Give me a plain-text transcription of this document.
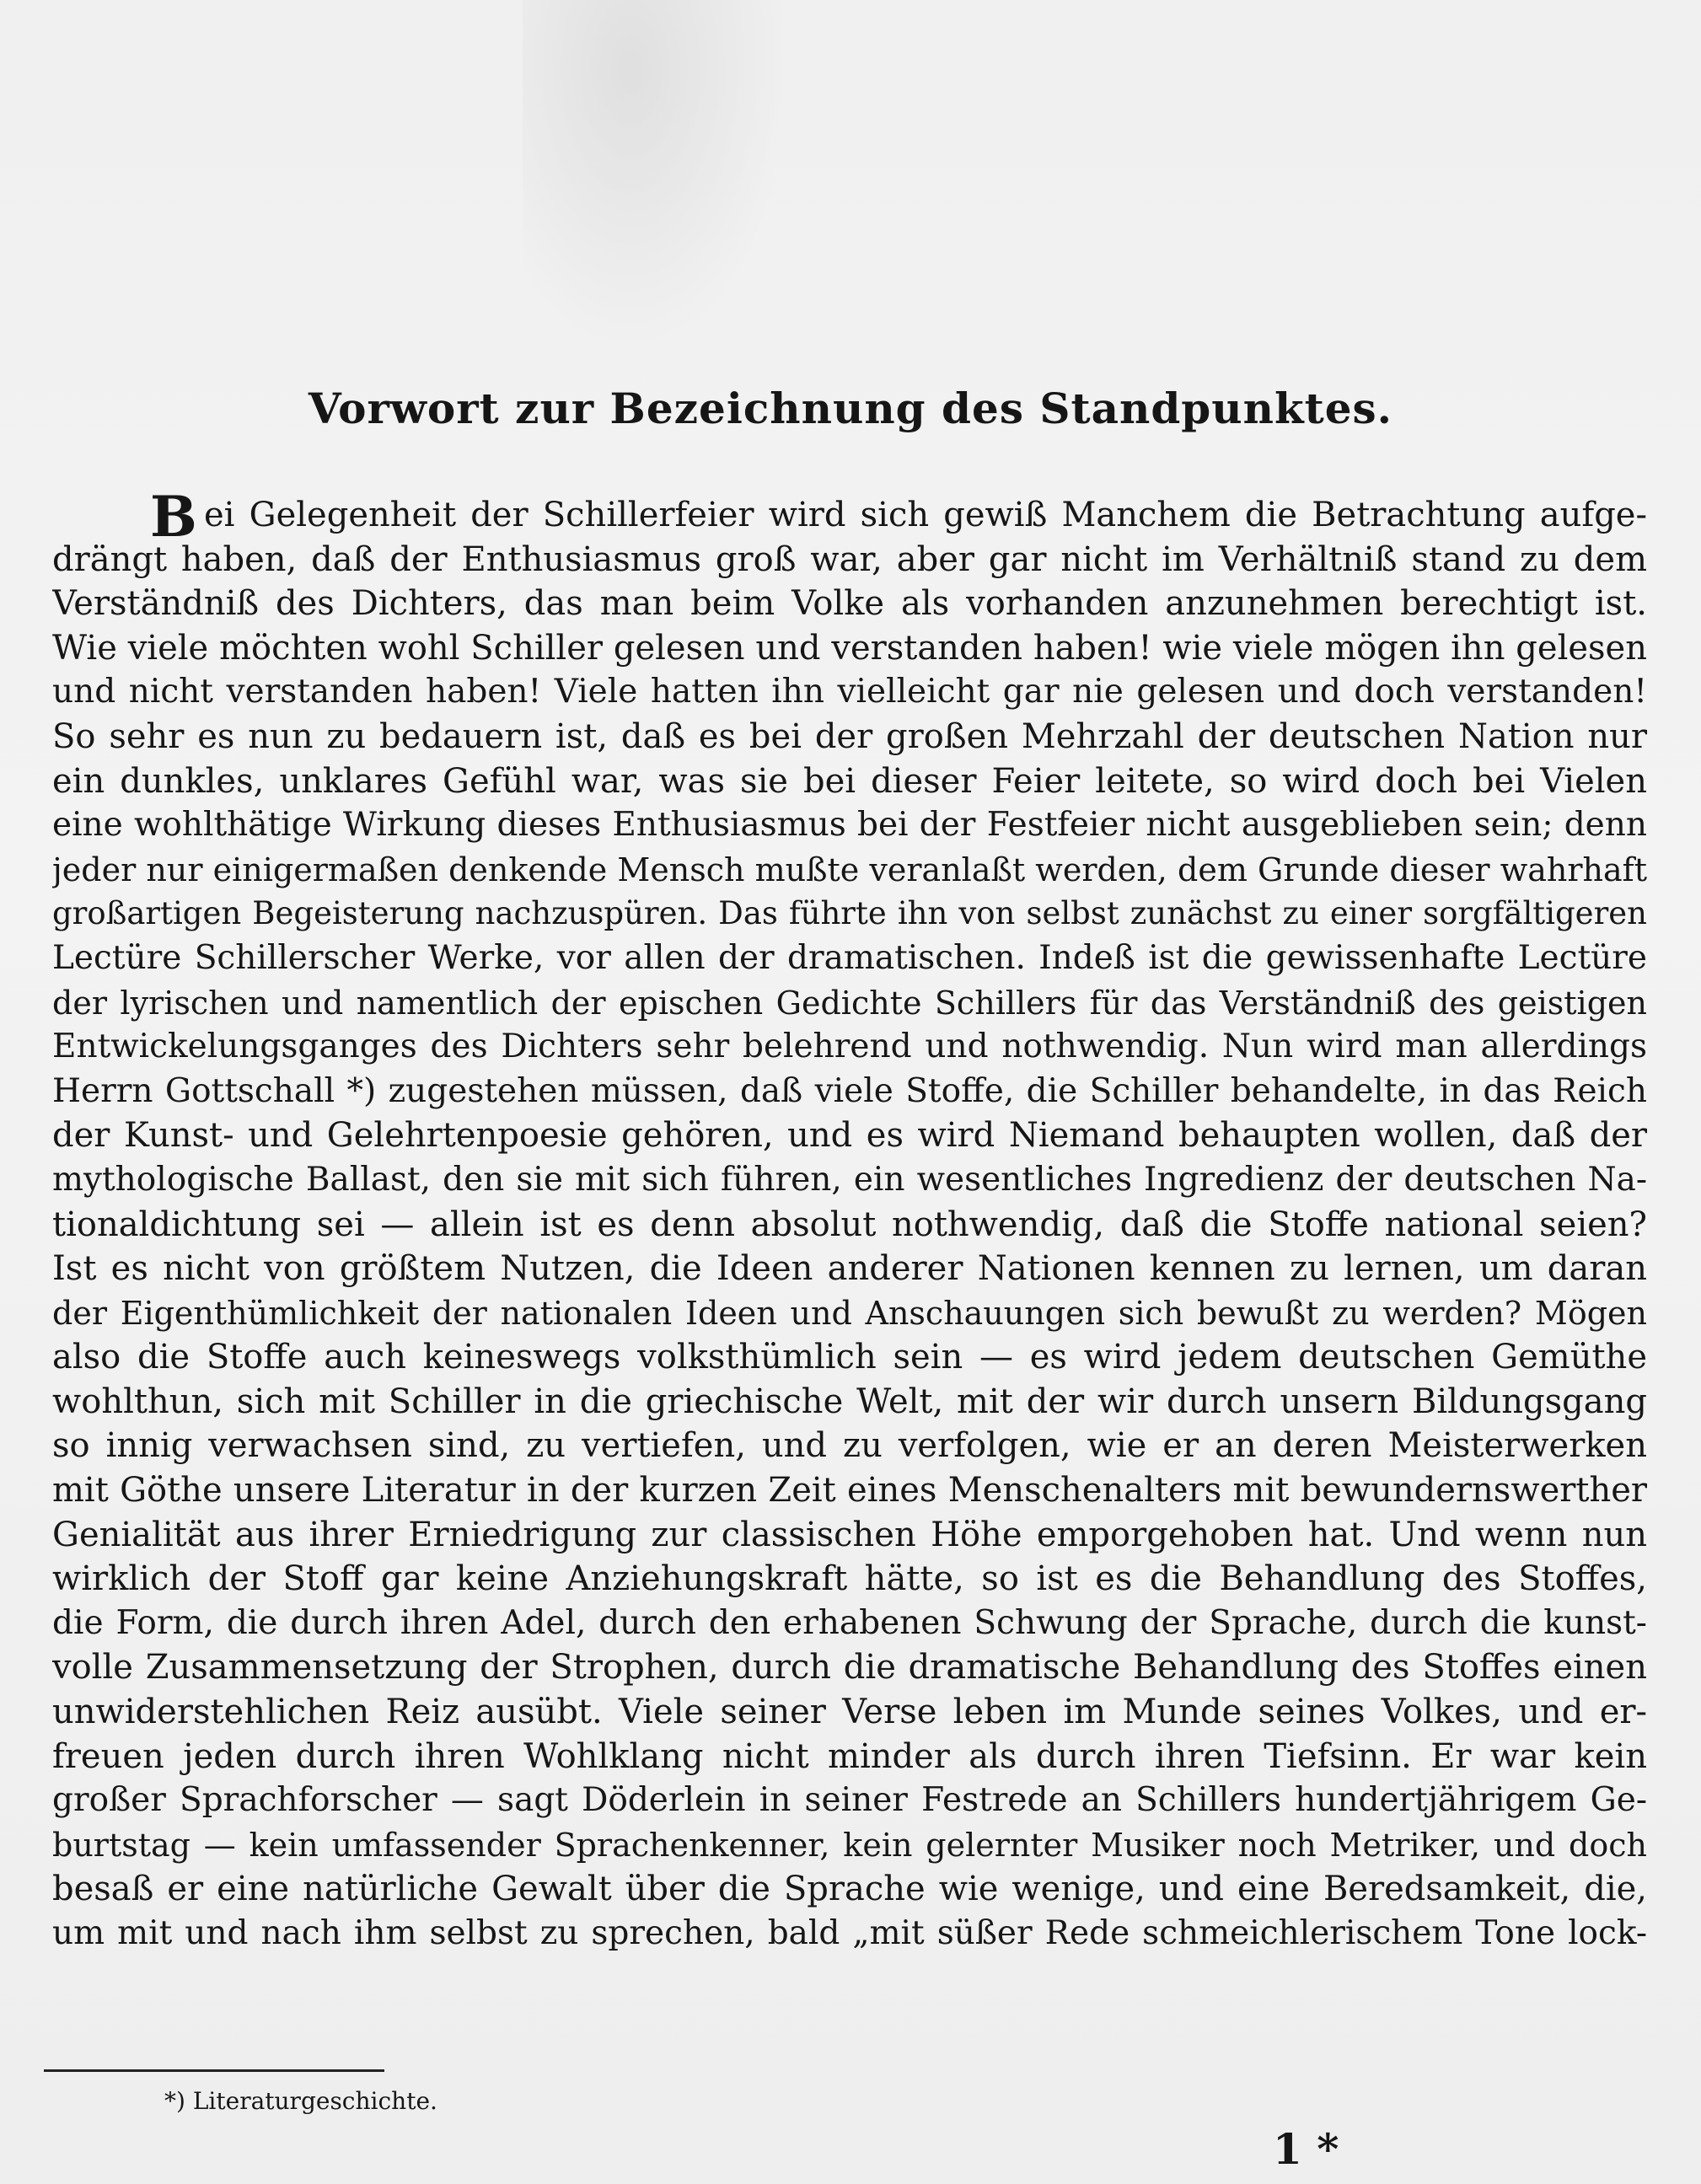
Vorwort zur Bezeichnung des Standpunktes.
B ei Gelegenheit der Schillerfeier wird sich gewiß Manchem die Betrachtung aufge-
drängt haben, daß der Enthusiasmus groß war, aber gar nicht im Verhältniß stand zu dem
Verständniß des Dichters, das man beim Volke als vorhanden anzunehmen berechtigt ist.
Wie viele möchten wohl Schiller gelesen und verstanden haben! wie viele mögen ihn gelesen
und nicht verstanden haben! Viele hatten ihn vielleicht gar nie gelesen und doch verstanden!
So sehr es nun zu bedauern ist, daß es bei der großen Mehrzahl der deutschen Nation nur
ein dunkles, unklares Gefühl war, was sie bei dieser Feier leitete, so wird doch bei Vielen
eine wohlthätige Wirkung dieses Enthusiasmus bei der Festfeier nicht ausgeblieben sein; denn
jeder nur einigermaßen denkende Mensch mußte veranlaßt werden, dem Grunde dieser wahrhaft
großartigen Begeisterung nachzuspüren. Das führte ihn von selbst zunächst zu einer sorgfältigeren
Lectüre Schillerscher Werke, vor allen der dramatischen. Indeß ist die gewissenhafte Lectüre
der lyrischen und namentlich der epischen Gedichte Schillers für das Verständniß des geistigen
Entwickelungsganges des Dichters sehr belehrend und nothwendig. Nun wird man allerdings
Herrn Gottschall *) zugestehen müssen, daß viele Stoffe, die Schiller behandelte, in das Reich
der Kunst- und Gelehrtenpoesie gehören, und es wird Niemand behaupten wollen, daß der
mythologische Ballast, den sie mit sich führen, ein wesentliches Ingredienz der deutschen Na-
tionaldichtung sei — allein ist es denn absolut nothwendig, daß die Stoffe national seien?
Ist es nicht von größtem Nutzen, die Ideen anderer Nationen kennen zu lernen, um daran
der Eigenthümlichkeit der nationalen Ideen und Anschauungen sich bewußt zu werden? Mögen
also die Stoffe auch keineswegs volksthümlich sein — es wird jedem deutschen Gemüthe
wohlthun, sich mit Schiller in die griechische Welt, mit der wir durch unsern Bildungsgang
so innig verwachsen sind, zu vertiefen, und zu verfolgen, wie er an deren Meisterwerken
mit Göthe unsere Literatur in der kurzen Zeit eines Menschenalters mit bewundernswerther
Genialität aus ihrer Erniedrigung zur classischen Höhe emporgehoben hat. Und wenn nun
wirklich der Stoff gar keine Anziehungskraft hätte, so ist es die Behandlung des Stoffes,
die Form, die durch ihren Adel, durch den erhabenen Schwung der Sprache, durch die kunst-
volle Zusammensetzung der Strophen, durch die dramatische Behandlung des Stoffes einen
unwiderstehlichen Reiz ausübt. Viele seiner Verse leben im Munde seines Volkes, und er-
freuen jeden durch ihren Wohlklang nicht minder als durch ihren Tiefsinn. Er war kein
großer Sprachforscher — sagt Döderlein in seiner Festrede an Schillers hundertjährigem Ge-
burtstag — kein umfassender Sprachenkenner, kein gelernter Musiker noch Metriker, und doch
besaß er eine natürliche Gewalt über die Sprache wie wenige, und eine Beredsamkeit, die,
um mit und nach ihm selbst zu sprechen, bald „mit süßer Rede schmeichlerischem Tone lock-
*) Literaturgeschichte.
1 *
